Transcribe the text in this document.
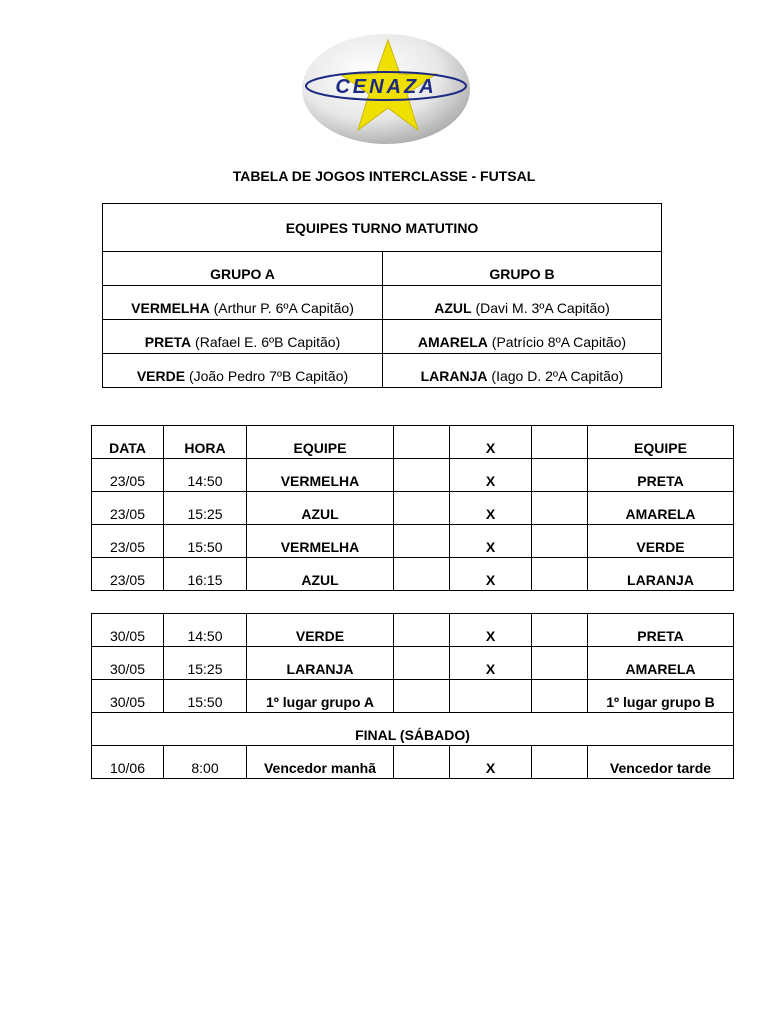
CENAZA
TABELA DE JOGOS INTERCLASSE - FUTSAL
EQUIPES TURNO MATUTINO	
GRUPO A	GRUPO B
VERMELHA (Arthur P. 6ºA Capitão)	AZUL (Davi M. 3ºA Capitão)
PRETA (Rafael E. 6ºB Capitão)	AMARELA (Patrício 8ºA Capitão)
VERDE (João Pedro 7ºB Capitão)	LARANJA (Iago D. 2ºA Capitão)
DATA	HORA	EQUIPE		X		EQUIPE
23/05	14:50	VERMELHA		X		PRETA
23/05	15:25	AZUL		X		AMARELA
23/05	15:50	VERMELHA		X		VERDE
23/05	16:15	AZUL		X		LARANJA
30/05	14:50	VERDE		X		PRETA
30/05	15:25	LARANJA		X		AMARELA
30/05	15:50	1º lugar grupo A				1º lugar grupo B
FINAL (SÁBADO)						
10/06	8:00	Vencedor manhã		X		Vencedor tarde
